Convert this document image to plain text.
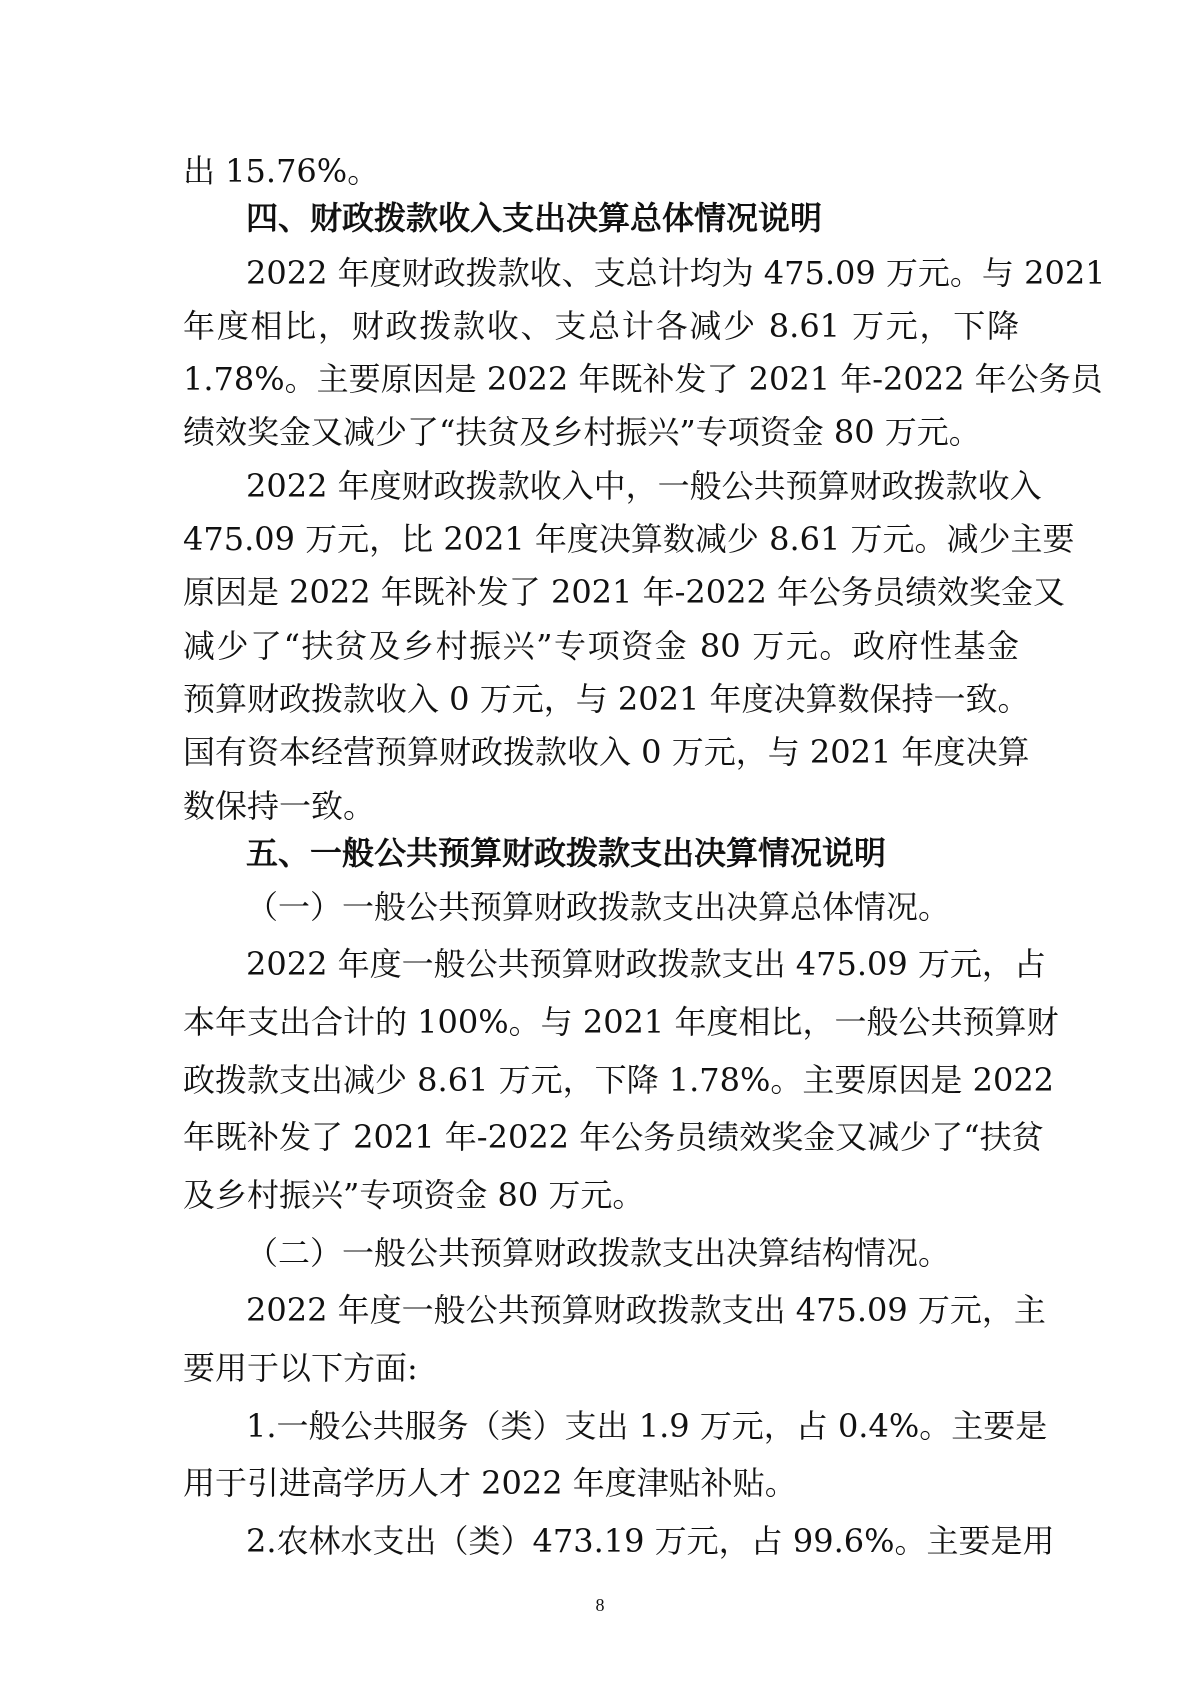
出 15.76%。
四、财政拨款收入支出决算总体情况说明
2022 年度财政拨款收、支总计均为 475.09 万元。与 2021
年度相比，财政拨款收、支总计各减少 8.61 万元，下降
1.78%。主要原因是 2022 年既补发了 2021 年-2022 年公务员
绩效奖金又减少了“扶贫及乡村振兴”专项资金 80 万元。
2022 年度财政拨款收入中，一般公共预算财政拨款收入
475.09 万元，比 2021 年度决算数减少 8.61 万元。减少主要
原因是 2022 年既补发了 2021 年-2022 年公务员绩效奖金又
减少了“扶贫及乡村振兴”专项资金 80 万元。政府性基金
预算财政拨款收入 0 万元，与 2021 年度决算数保持一致。
国有资本经营预算财政拨款收入 0 万元，与 2021 年度决算
数保持一致。
五、一般公共预算财政拨款支出决算情况说明
（一）一般公共预算财政拨款支出决算总体情况。
2022 年度一般公共预算财政拨款支出 475.09 万元，占
本年支出合计的 100%。与 2021 年度相比，一般公共预算财
政拨款支出减少 8.61 万元，下降 1.78%。主要原因是 2022
年既补发了 2021 年-2022 年公务员绩效奖金又减少了“扶贫
及乡村振兴”专项资金 80 万元。
（二）一般公共预算财政拨款支出决算结构情况。
2022 年度一般公共预算财政拨款支出 475.09 万元，主
要用于以下方面:
1.一般公共服务（类）支出 1.9 万元，占 0.4%。主要是
用于引进高学历人才 2022 年度津贴补贴。
2.农林水支出（类）473.19 万元，占 99.6%。主要是用
8
